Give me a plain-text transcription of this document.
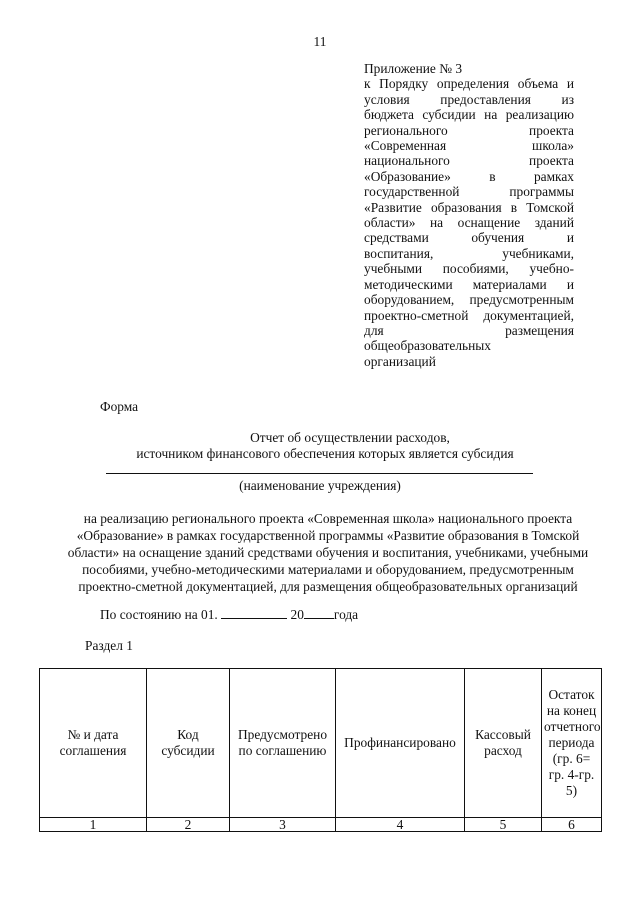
11
Приложение № 3
к Порядку определения объема и
условия предоставления из
бюджета субсидии на реализацию
регионального проекта
«Современная школа»
национального проекта
«Образование» в рамках
государственной программы
«Развитие образования в Томской
области» на оснащение зданий
средствами обучения и
воспитания, учебниками,
учебными пособиями, учебно-
методическими материалами и
оборудованием, предусмотренным
проектно-сметной документацией,
для размещения
общеобразовательных
организаций
Форма
Отчет об осуществлении расходов,
источником финансового обеспечения которых является субсидия
(наименование учреждения)
на реализацию регионального проекта «Современная школа» национального проекта
«Образование» в рамках государственной программы «Развитие образования в Томской
области» на оснащение зданий средствами обучения и воспитания, учебниками, учебными
пособиями, учебно-методическими материалами и оборудованием, предусмотренным
проектно-сметной документацией, для размещения общеобразовательных организаций
По состоянию на 01.	20 года
Раздел 1
№ и дата соглашения	Код субсидии	Предусмотрено по соглашению	Профинансировано	Кассовый расход	Остаток на конец отчетного периода (гр. 6= гр. 4-гр. 5)
1	2	3	4	5	6
